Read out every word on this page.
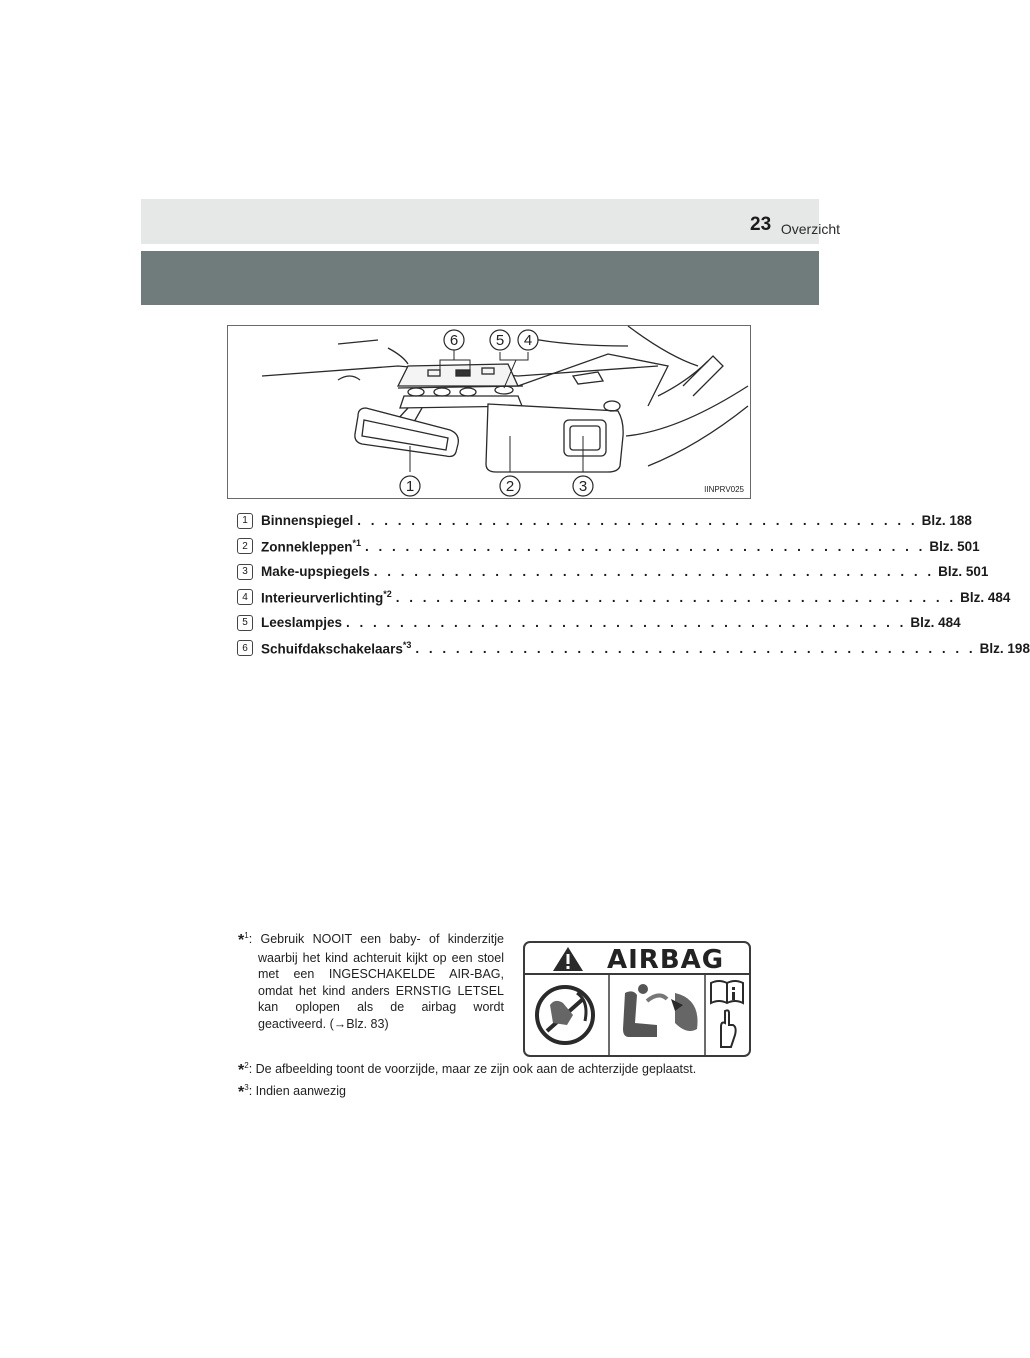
Overzicht
23
1	2	3
4
5
6
IINPRV025
1 Binnenspiegel . . . . . . . . . . . . . . . . . . . . . . . . . . . . . . . . . . . . . . . . . . Blz. 188
2 Zonnekleppen$^{*1}$ . . . . . . . . . . . . . . . . . . . . . . . . . . . . . . . . . . . . . . . . . . Blz. 501
3 Make-upspiegels . . . . . . . . . . . . . . . . . . . . . . . . . . . . . . . . . . . . . . . . . . Blz. 501
4 Interieurverlichting$^{*2}$ . . . . . . . . . . . . . . . . . . . . . . . . . . . . . . . . . . . . . . . . . . Blz. 484
5 Leeslampjes . . . . . . . . . . . . . . . . . . . . . . . . . . . . . . . . . . . . . . . . . . Blz. 484
6 Schuifdakschakelaars$^{*3}$ . . . . . . . . . . . . . . . . . . . . . . . . . . . . . . . . . . . . . . . . . . Blz. 198
*$^1$: Gebruik NOOIT een baby- of kinderzitje waarbij het kind achteruit kijkt op een stoel met een INGESCHAKELDE AIR-BAG, omdat het kind anders ERNSTIG LETSEL kan oplopen als de airbag wordt geactiveerd. (→Blz. 83)
*$^2$: De afbeelding toont de voorzijde, maar ze zijn ook aan de achterzijde geplaatst.
*$^3$: Indien aanwezig
AIRBAG
